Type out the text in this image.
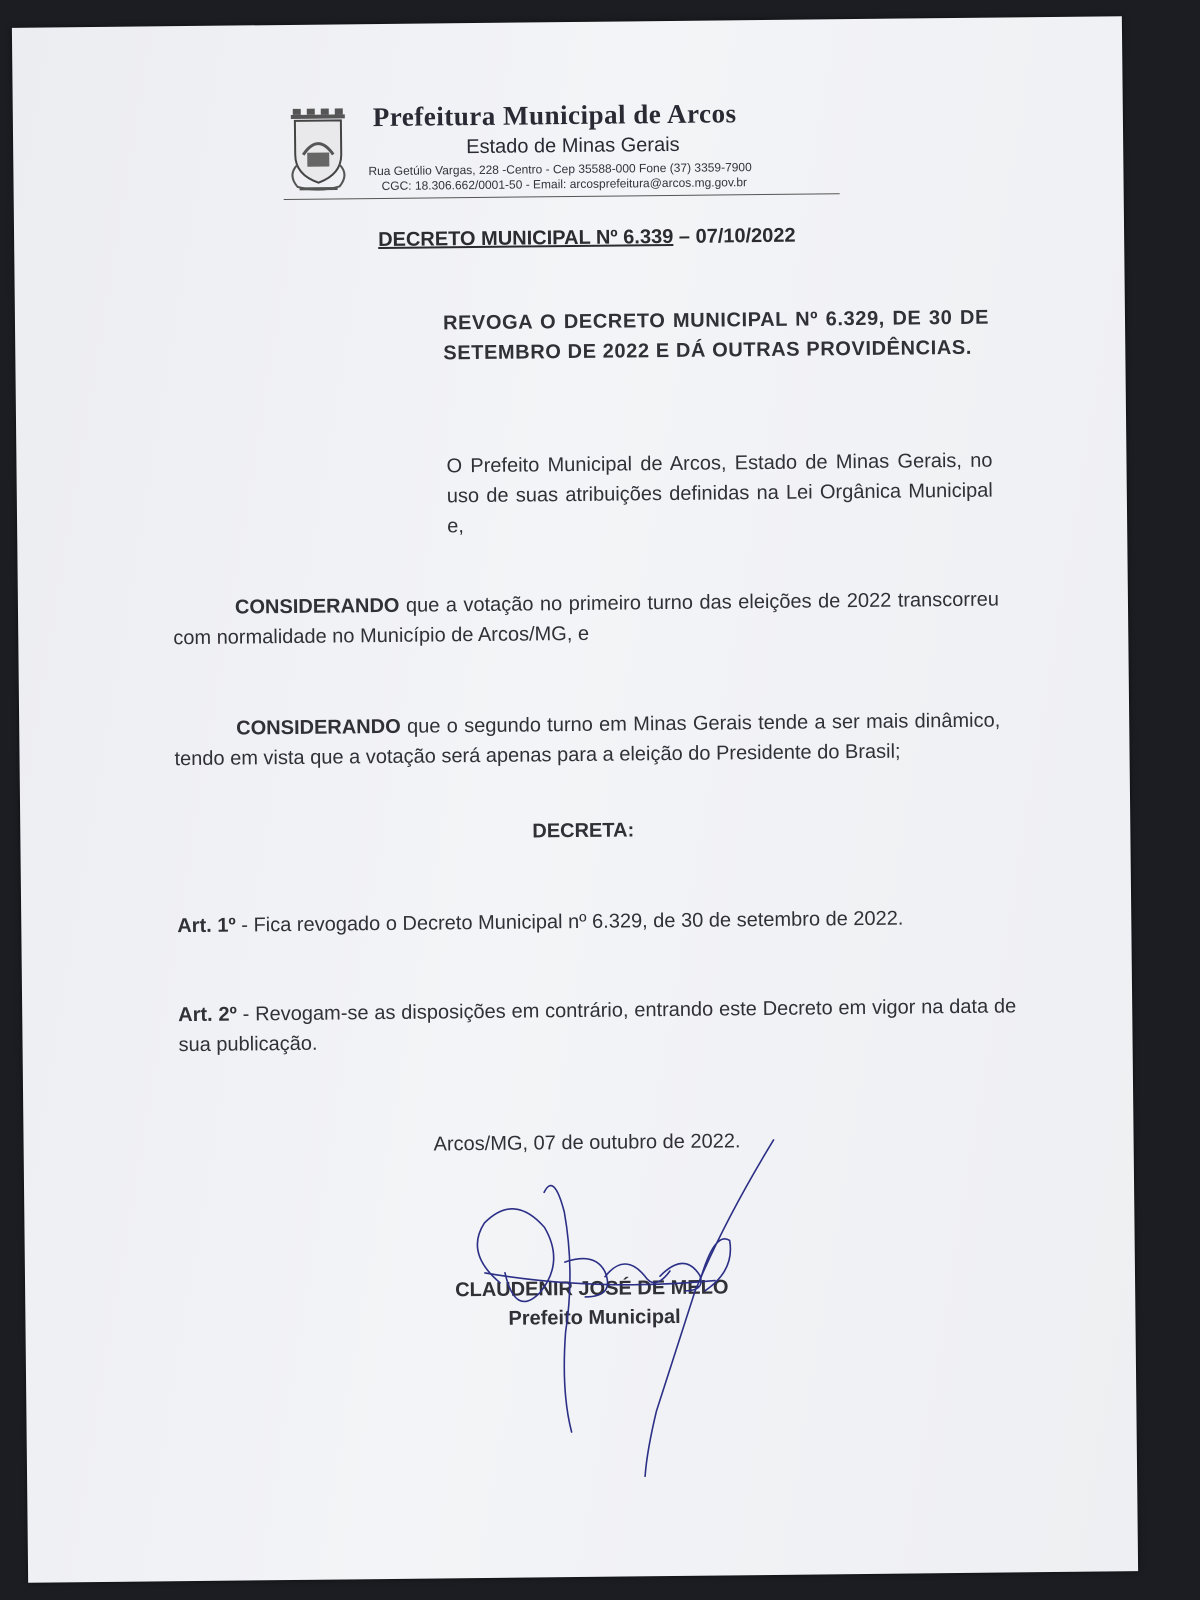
Prefeitura Municipal de Arcos
Estado de Minas Gerais
Rua Getúlio Vargas, 228 -Centro - Cep 35588-000 Fone (37) 3359-7900
CGC: 18.306.662/0001-50 - Email: arcosprefeitura@arcos.mg.gov.br
DECRETO MUNICIPAL Nº 6.339 – 07/10/2022
REVOGA O DECRETO MUNICIPAL Nº 6.329, DE 30 DE SETEMBRO DE 2022 E DÁ OUTRAS PROVIDÊNCIAS.
O Prefeito Municipal de Arcos, Estado de Minas Gerais, no uso de suas atribuições definidas na Lei Orgânica Municipal e,
CONSIDERANDO que a votação no primeiro turno das eleições de 2022 transcorreu com normalidade no Município de Arcos/MG, e
CONSIDERANDO que o segundo turno em Minas Gerais tende a ser mais dinâmico, tendo em vista que a votação será apenas para a eleição do Presidente do Brasil;
DECRETA:
Art. 1º - Fica revogado o Decreto Municipal nº 6.329, de 30 de setembro de 2022.
Art. 2º - Revogam-se as disposições em contrário, entrando este Decreto em vigor na data de sua publicação.
Arcos/MG, 07 de outubro de 2022.
CLAUDENIR JOSÉ DE MELO
Prefeito Municipal
